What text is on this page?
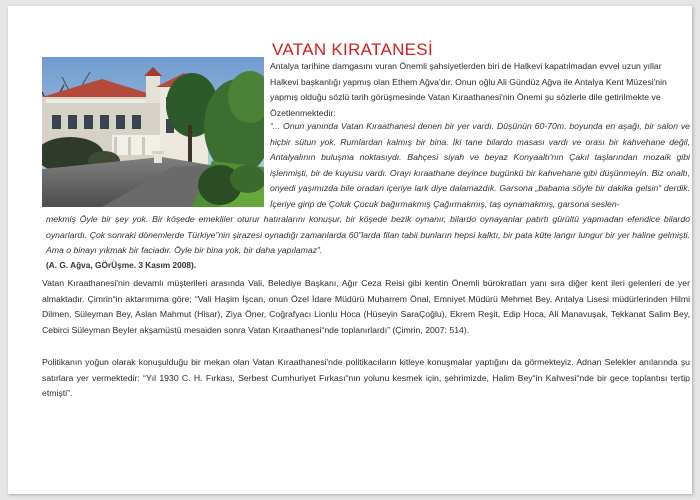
VATAN KIRATANESİ

Antalya tarihine damgasını vuran Önemli şahsiyetlerden biri de Halkevi kapatılmadan evvel uzun yıllar Halkevi başkanlığı yapmış olan Ethem Ağva'dır. Onun oğlu Ali Gündüz Ağva ile Antalya Kent Müzesi'nin yapmış olduğu sözlü tarih görüşmesinde Vatan Kıraathanesi'nin Önemi şu sözlerle dile getirilmekte ve Özetlenmektedir:

“... Onun yanında Vatan Kıraathanesi denen bir yer vardı. Düşünün 60-70m. boyunda en aşağı, bir salon ve hiçbir sütun yok. Rumlardan kalmış bir bina. İki tane bilardo masası vardı ve orası bir kahvehane değil, Antalyalının buluşma noktasıydı. Bahçesi siyah ve beyaz Konyaaltı'nın Çakıl taşlarından mozaik gibi işlenmişti, bir de kuyusu vardı. Orayı kıraathane deyince bugünkü bir kahvehane gibi düşünmeyin. Biz onaltı, onyedi yaşımızda bile oradan içeriye lark diye dalamazdık. Garsona „babama söyle bir dakika gelsin“ derdik. İçeriye girip de Çoluk Çocuk bağırmakmış Çağırmakmış, taş oynamakmış, garsona seslen-

mekmiş Öyle bir şey yok. Bir köşede emekliler oturur hatıralarını konuşur, bir köşede bezik oynanır, bilardo oynayanlar patırtı gürültü yapmadan efendice bilardo oynarlardı. Çok sonraki dönemlerde Türkiye”nin şirazesi oynadığı zamanlarda 60”larda filan tabii bunların hepsi kalktı, bir pata küte langır lungur bir yer haline gelmişti. Ama o binayı yıkmak bir faciadır. Öyle bir bina yok, bir daha yapılamaz”.

(A. G. Ağva, GÖrÜşme. 3 Kasım 2008).

Vatan Kıraathanesi'nin devamlı müşterileri arasında Vali, Belediye Başkanı, Ağır Ceza Reisi gibi kentin Önemli bürokratları yanı sıra diğer kent ileri gelenleri de yer almaktadır. Çimrin“in aktarımıma göre; “Vali Haşim İşcan, onun Özel İdare Müdürü Muharrem Önal, Emniyet Müdürü Mehmet Bey, Antalya Lisesi müdürlerinden Hilmi Dilmen, Süleyman Bey, Aslan Mahmut (Hisar), Ziya Öner, Coğrafyacı Lionlu Hoca (Hüseyin SaraÇoğlu), Ekrem Reşit, Edip Hoca, Ali Manavuşak, Tekkanat Salim Bey, Cebirci Süleyman Beyler akşamüstü mesaiden sonra Vatan Kıraathanesi“nde toplanırlardı” (Çimrin, 2007: 514).

Politikanın yoğun olarak konuşulduğu bir mekan olan Vatan Kıraathanesi'nde politikacıların kitleye konuşmalar yaptığını da görmekteyiz. Adnan Selekler anılarında şu satırlara yer vermektedir: “Yıl 1930 C. H. Fırkası, Serbest Cumhuriyet Fırkası“nın yolunu kesmek için, şehrimizde, Halim Bey“in Kahvesi“nde bir gece toplantısı tertip etmişti”.
